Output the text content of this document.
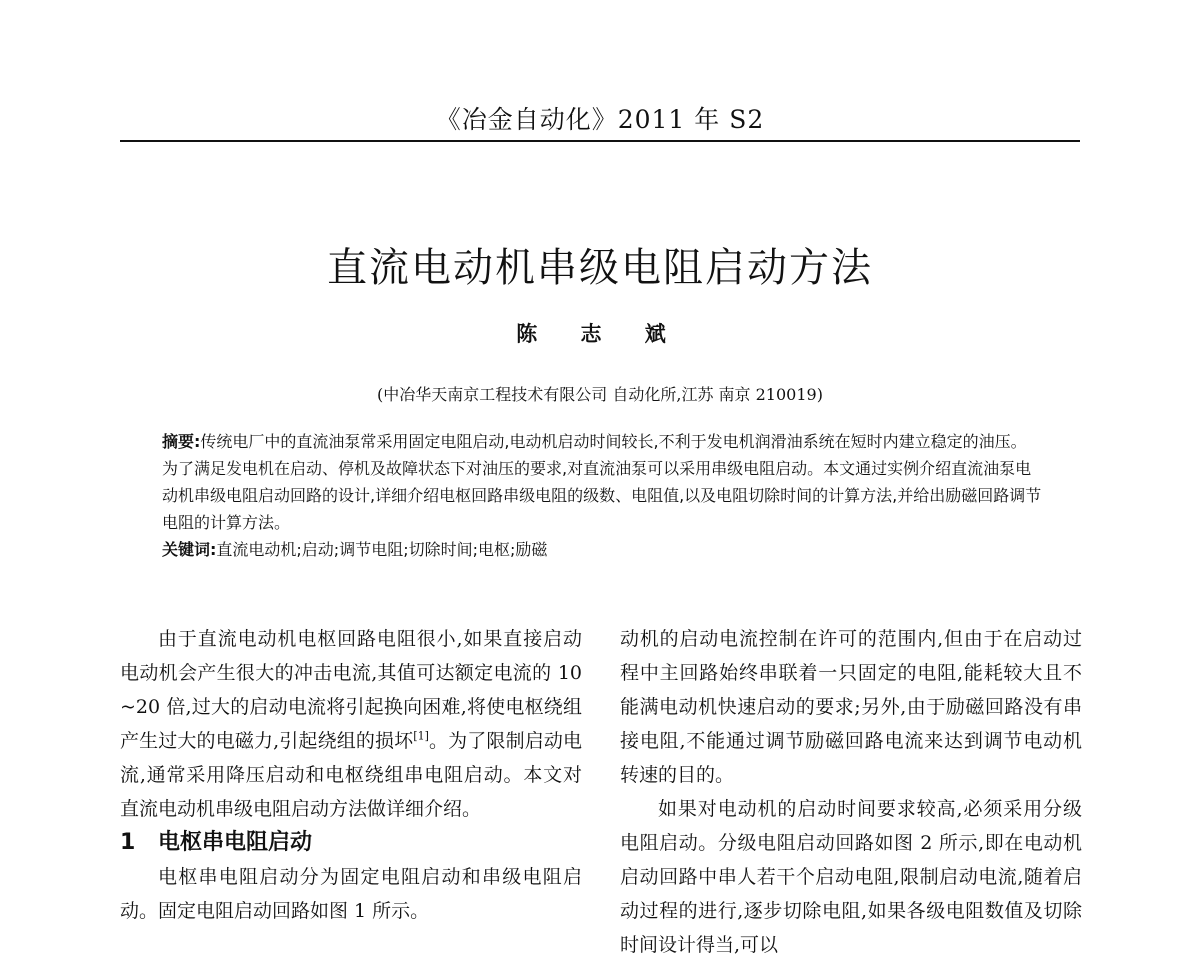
《冶金自动化》2011 年 S2
直流电动机串级电阻启动方法
陈 志 斌
(中冶华天南京工程技术有限公司 自动化所,江苏 南京 210019)

摘要:传统电厂中的直流油泵常采用固定电阻启动,电动机启动时间较长,不利于发电机润滑油系统在短时内建立稳定的油压。为了满足发电机在启动、停机及故障状态下对油压的要求,对直流油泵可以采用串级电阻启动。本文通过实例介绍直流油泵电动机串级电阻启动回路的设计,详细介绍电枢回路串级电阻的级数、电阻值,以及电阻切除时间的计算方法,并给出励磁回路调节电阻的计算方法。

关键词:直流电动机;启动;调节电阻;切除时间;电枢;励磁

由于直流电动机电枢回路电阻很小,如果直接启动电动机会产生很大的冲击电流,其值可达额定电流的 10 ~20 倍,过大的启动电流将引起换向困难,将使电枢绕组产生过大的电磁力,引起绕组的损坏[1]。为了限制启动电流,通常采用降压启动和电枢绕组串电阻启动。本文对直流电动机串级电阻启动方法做详细介绍。

1 电枢串电阻启动

电枢串电阻启动分为固定电阻启动和串级电阻启动。固定电阻启动回路如图 1 所示。

动机的启动电流控制在许可的范围内,但由于在启动过程中主回路始终串联着一只固定的电阻,能耗较大且不能满电动机快速启动的要求;另外,由于励磁回路没有串接电阻,不能通过调节励磁回路电流来达到调节电动机转速的目的。

如果对电动机的启动时间要求较高,必须采用分级电阻启动。分级电阻启动回路如图 2 所示,即在电动机启动回路中串人若干个启动电阻,限制启动电流,随着启动过程的进行,逐步切除电阻,如果各级电阻数值及切除时间设计得当,可以
